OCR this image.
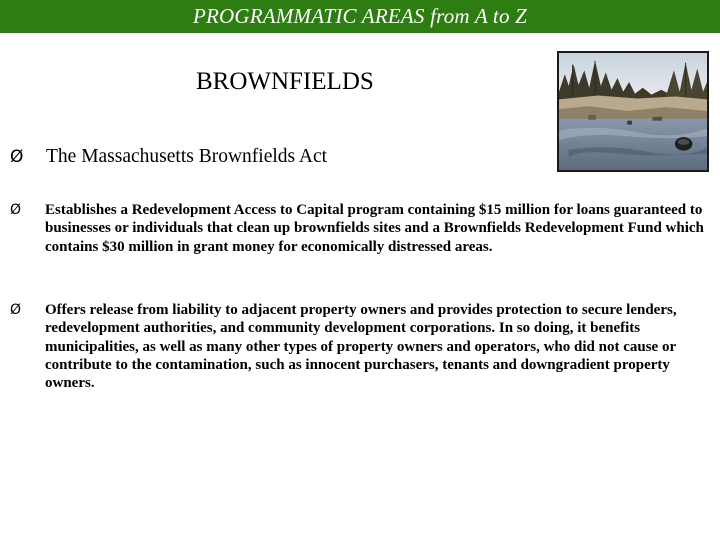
PROGRAMMATIC AREAS from A to Z
BROWNFIELDS
Ø The Massachusetts Brownfields Act
Ø Establishes a Redevelopment Access to Capital program containing $15 million for loans guaranteed to businesses or individuals that clean up brownfields sites and a Brownfields Redevelopment Fund which contains $30 million in grant money for economically distressed areas.
Ø Offers release from liability to adjacent property owners and provides protection to secure lenders, redevelopment authorities, and community development corporations. In so doing, it benefits municipalities, as well as many other types of property owners and operators, who did not cause or contribute to the contamination, such as innocent purchasers, tenants and downgradient property owners.
